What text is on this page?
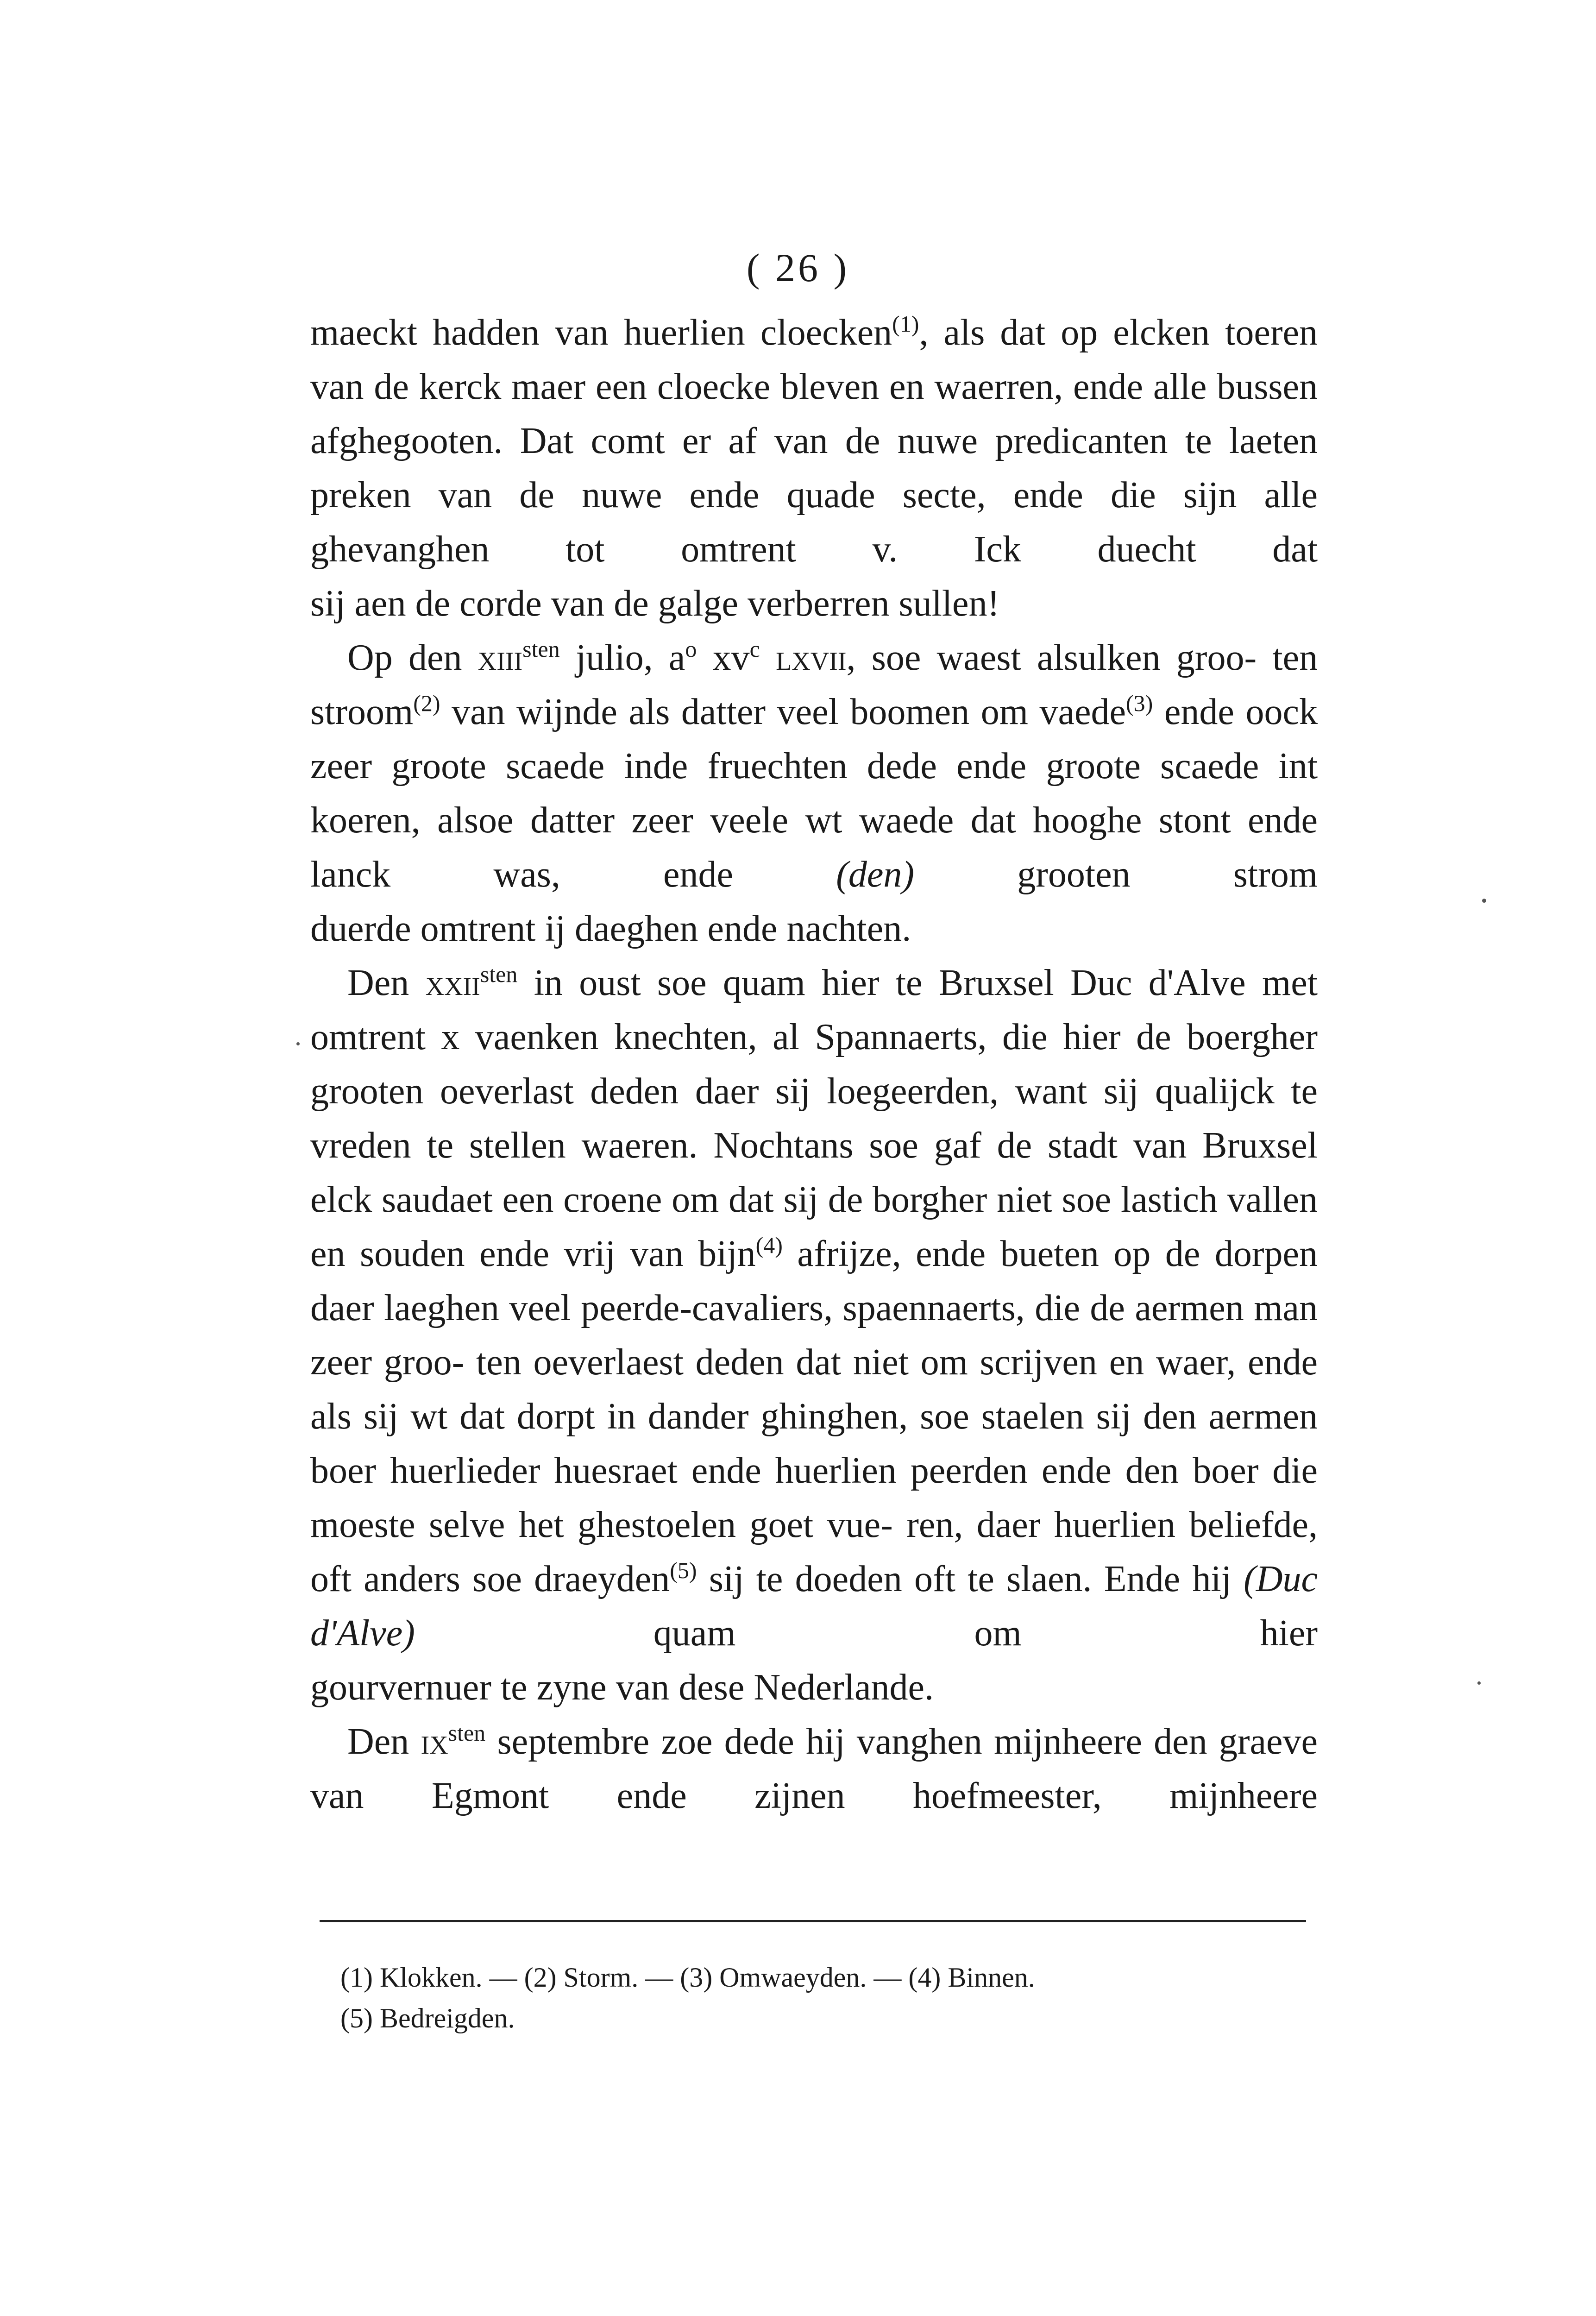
( 26 )

maeckt hadden van huerlien cloecken$^{(1)}$, als dat op elcken toeren van de kerck maer een cloecke bleven en waerren, ende alle bussen afghegooten. Dat comt er af van de nuwe predicanten te laeten preken van de nuwe ende quade secte, ende die sijn alle ghevanghen tot omtrent v. Ick duecht dat

sij aen de corde van de galge verberren sullen!

Op den xiii$^{sten}$ julio, $a^o$ $xv^c$ lxvii, soe waest alsulken groo- ten stroom$^{(2)}$ van wijnde als datter veel boomen om vaede$^{(3)}$ ende oock zeer groote scaede inde fruechten dede ende groote scaede int koeren, alsoe datter zeer veele wt waede dat hooghe stont ende lanck was, ende (den) grooten strom

duerde omtrent ij daeghen ende nachten.

Den xxii$^{sten}$ in oust soe quam hier te Bruxsel Duc d'Alve met omtrent x vaenken knechten, al Spannaerts, die hier de boergher grooten oeverlast deden daer sij loegeerden, want sij qualijck te vreden te stellen waeren. Nochtans soe gaf de stadt van Bruxsel elck saudaet een croene om dat sij de borgher niet soe lastich vallen en souden ende vrij van bijn$^{(4)}$ afrijze, ende bueten op de dorpen daer laeghen veel peerde-cavaliers, spaennaerts, die de aermen man zeer groo- ten oeverlaest deden dat niet om scrijven en waer, ende als sij wt dat dorpt in dander ghinghen, soe staelen sij den aermen boer huerlieder huesraet ende huerlien peerden ende den boer die moeste selve het ghestoelen goet vue- ren, daer huerlien beliefde, oft anders soe draeyden$^{(5)}$ sij te doeden oft te slaen. Ende hij (Duc d'Alve) quam om hier

gourvernuer te zyne van dese Nederlande.

Den $ix^{sten}$ septembre zoe dede hij vanghen mijnheere den graeve van Egmont ende zijnen hoefmeester, mijnheere

(1) Klokken. — (2) Storm. — (3) Omwaeyden. — (4) Binnen.
(5) Bedreigden.
